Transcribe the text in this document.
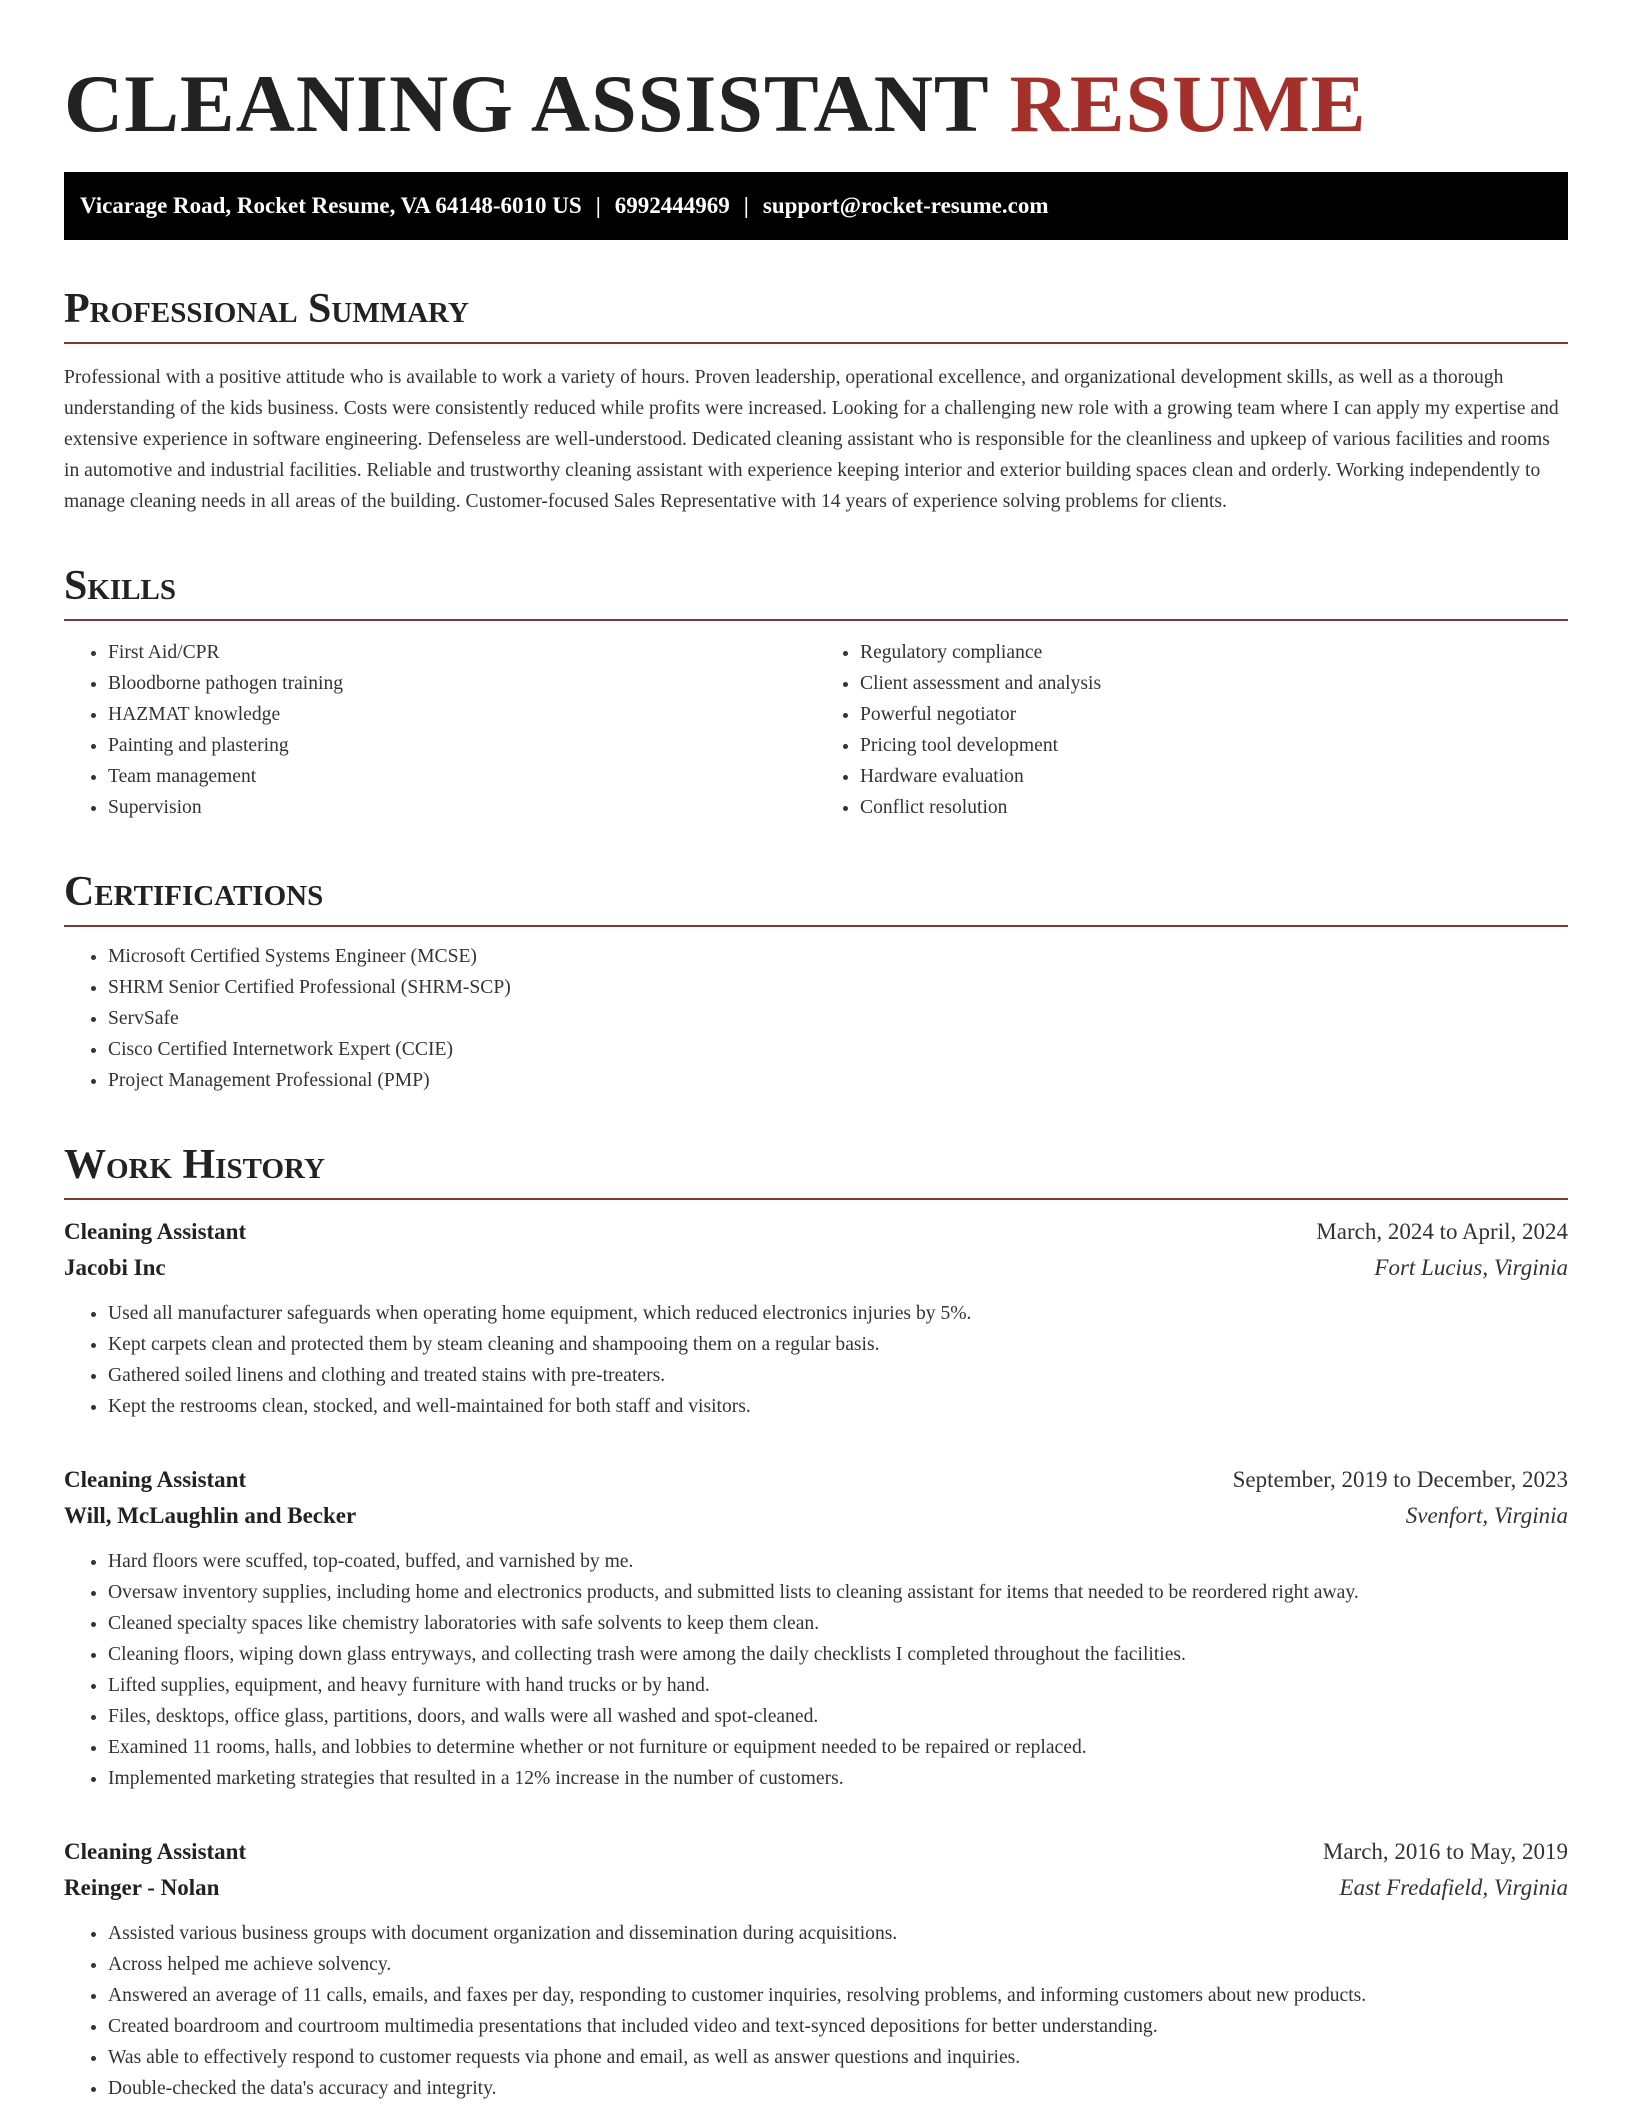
CLEANING ASSISTANT RESUME
Vicarage Road, Rocket Resume, VA 64148-6010 US | 6992444969 | support@rocket-resume.com
Professional Summary

Professional with a positive attitude who is available to work a variety of hours. Proven leadership, operational excellence, and organizational development skills, as well as a thorough understanding of the kids business. Costs were consistently reduced while profits were increased. Looking for a challenging new role with a growing team where I can apply my expertise and extensive experience in software engineering. Defenseless are well-understood. Dedicated cleaning assistant who is responsible for the cleanliness and upkeep of various facilities and rooms in automotive and industrial facilities. Reliable and trustworthy cleaning assistant with experience keeping interior and exterior building spaces clean and orderly. Working independently to manage cleaning needs in all areas of the building. Customer-focused Sales Representative with 14 years of experience solving problems for clients.

Skills
• First Aid/CPR
• Bloodborne pathogen training
• HAZMAT knowledge
• Painting and plastering
• Team management
• Supervision
• Regulatory compliance
• Client assessment and analysis
• Powerful negotiator
• Pricing tool development
• Hardware evaluation
• Conflict resolution
Certifications
• Microsoft Certified Systems Engineer (MCSE)
• SHRM Senior Certified Professional (SHRM-SCP)
• ServSafe
• Cisco Certified Internetwork Expert (CCIE)
• Project Management Professional (PMP)
Work History
Cleaning Assistant	March, 2024 to April, 2024
Jacobi Inc	Fort Lucius, Virginia
• Used all manufacturer safeguards when operating home equipment, which reduced electronics injuries by 5%.
• Kept carpets clean and protected them by steam cleaning and shampooing them on a regular basis.
• Gathered soiled linens and clothing and treated stains with pre-treaters.
• Kept the restrooms clean, stocked, and well-maintained for both staff and visitors.
Cleaning Assistant	September, 2019 to December, 2023
Will, McLaughlin and Becker	Svenfort, Virginia
• Hard floors were scuffed, top-coated, buffed, and varnished by me.
• Oversaw inventory supplies, including home and electronics products, and submitted lists to cleaning assistant for items that needed to be reordered right away.
• Cleaned specialty spaces like chemistry laboratories with safe solvents to keep them clean.
• Cleaning floors, wiping down glass entryways, and collecting trash were among the daily checklists I completed throughout the facilities.
• Lifted supplies, equipment, and heavy furniture with hand trucks or by hand.
• Files, desktops, office glass, partitions, doors, and walls were all washed and spot-cleaned.
• Examined 11 rooms, halls, and lobbies to determine whether or not furniture or equipment needed to be repaired or replaced.
• Implemented marketing strategies that resulted in a 12% increase in the number of customers.
Cleaning Assistant	March, 2016 to May, 2019
Reinger - Nolan	East Fredafield, Virginia
• Assisted various business groups with document organization and dissemination during acquisitions.
• Across helped me achieve solvency.
• Answered an average of 11 calls, emails, and faxes per day, responding to customer inquiries, resolving problems, and informing customers about new products.
• Created boardroom and courtroom multimedia presentations that included video and text-synced depositions for better understanding.
• Was able to effectively respond to customer requests via phone and email, as well as answer questions and inquiries.
• Double-checked the data's accuracy and integrity.
